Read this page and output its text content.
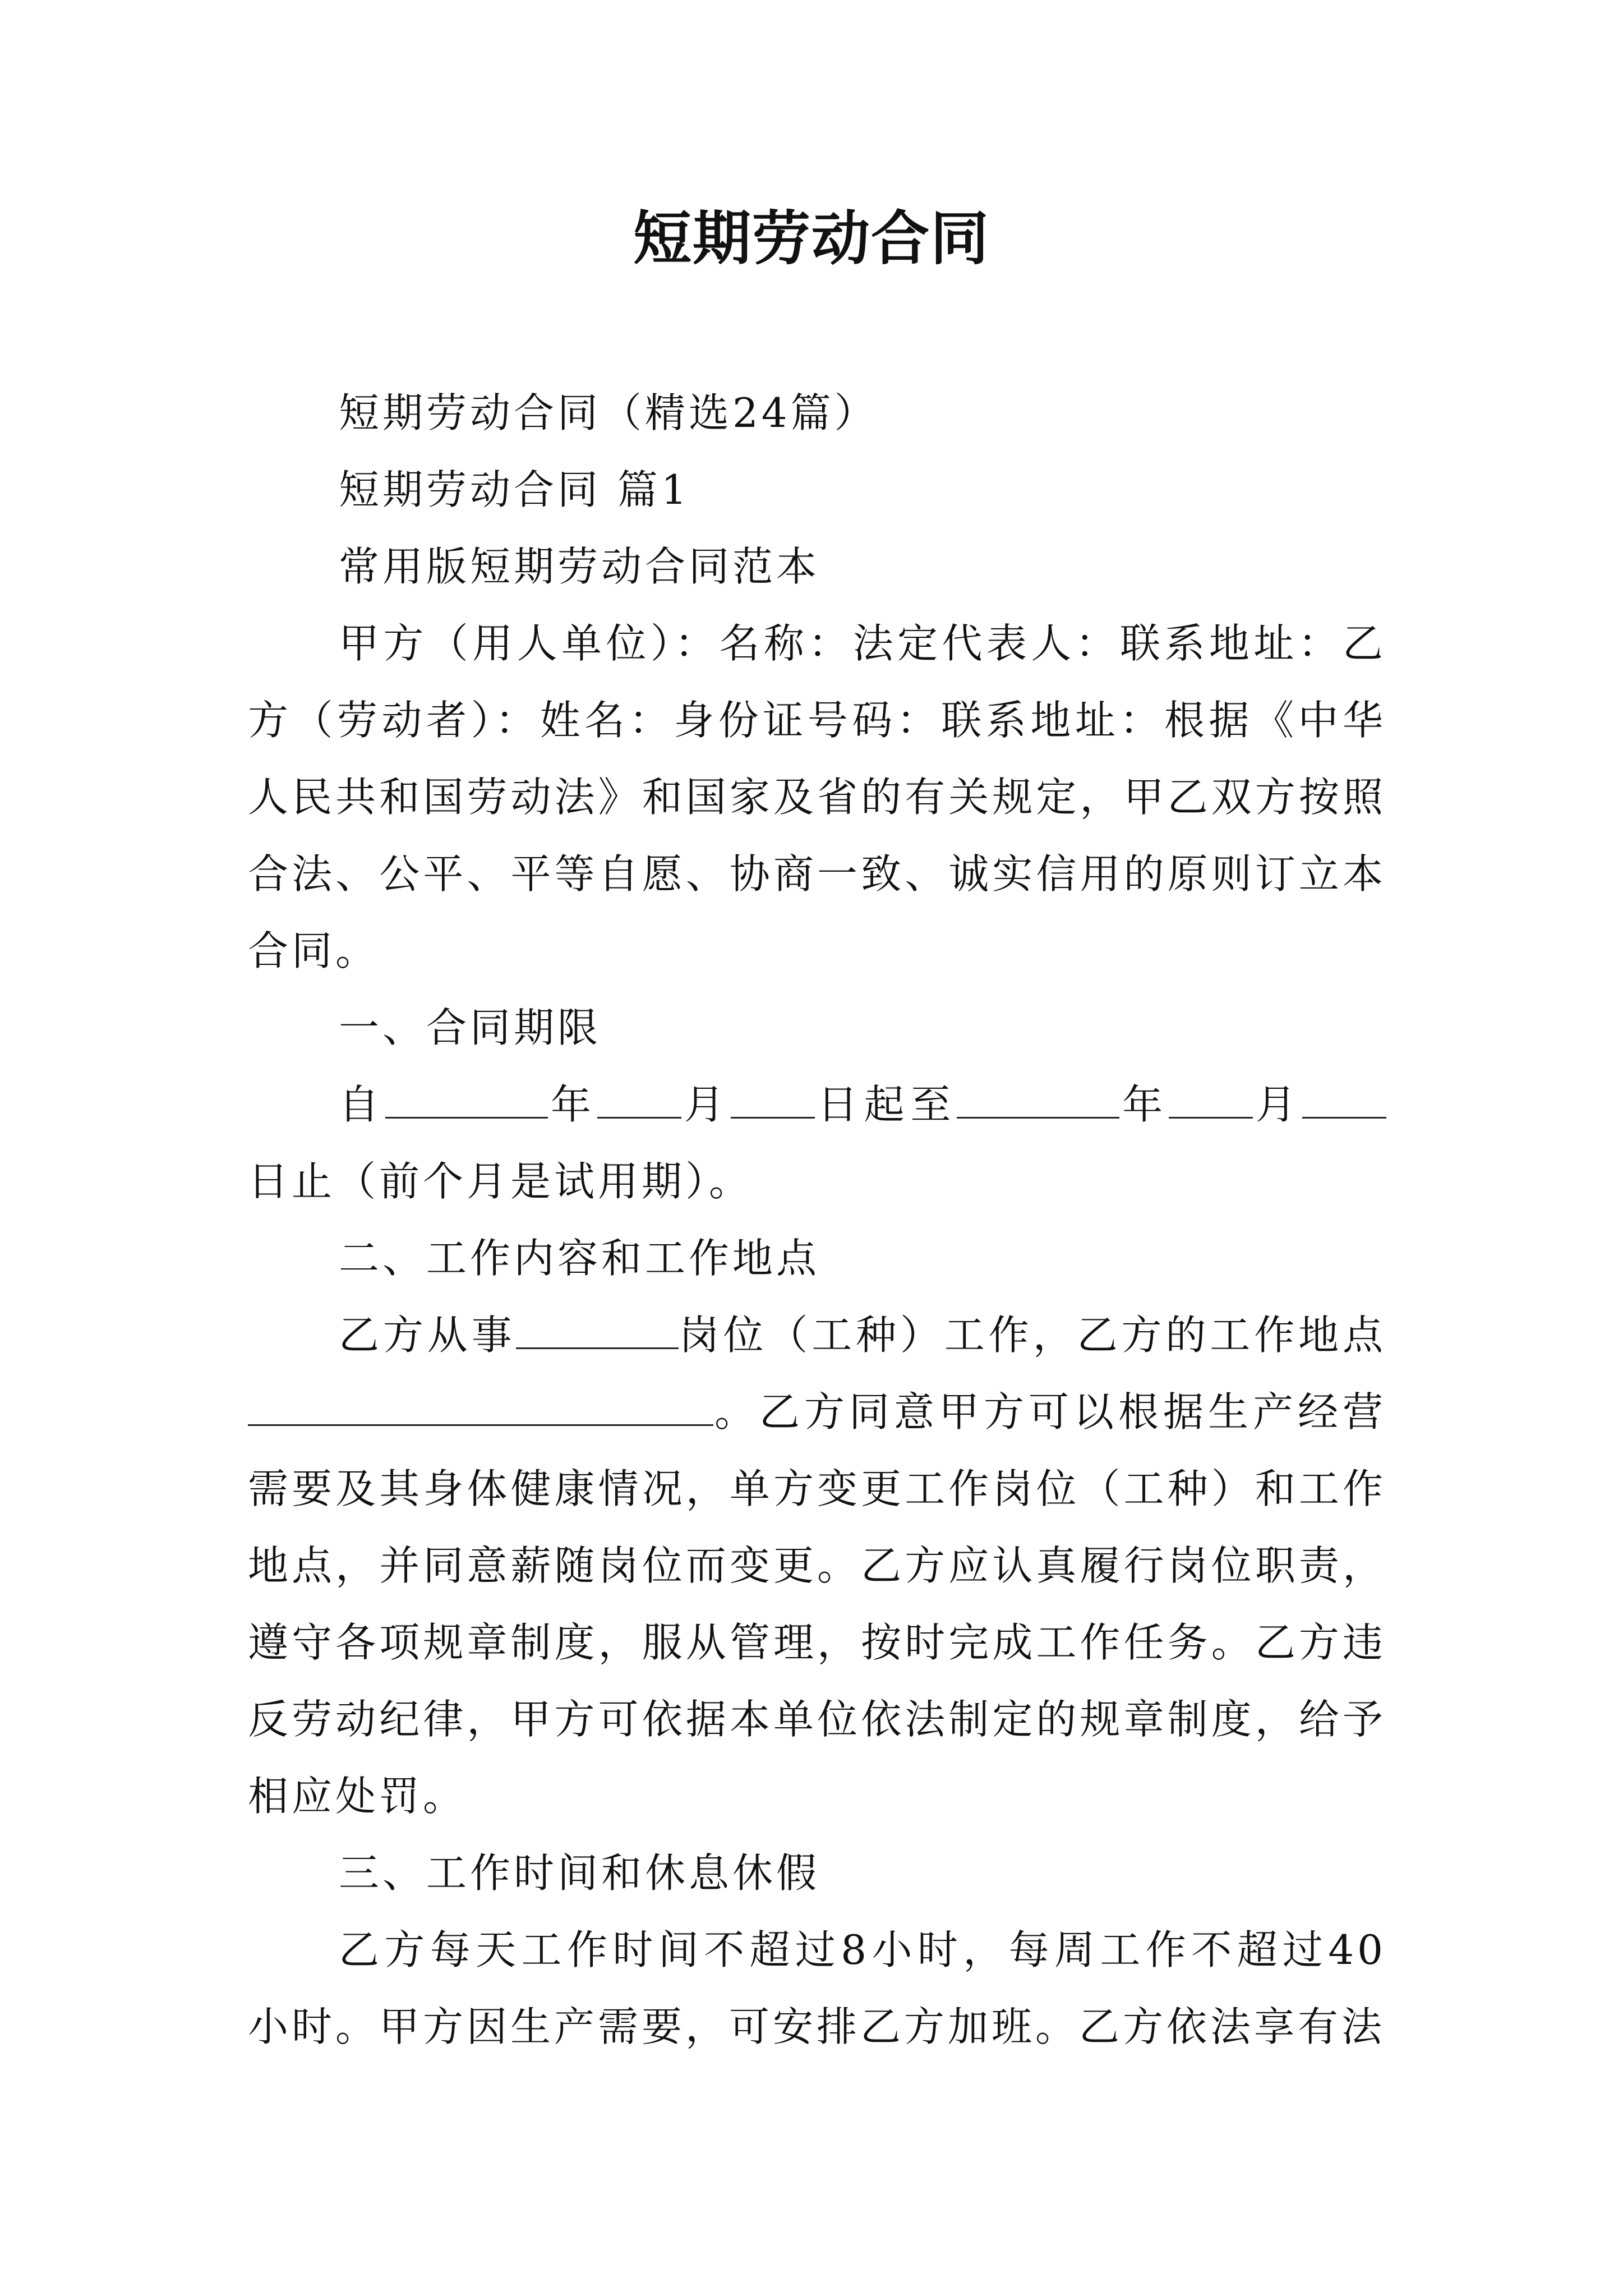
短期劳动合同

短期劳动合同（精选24篇）

短期劳动合同 篇1

常用版短期劳动合同范本

甲方（用人单位）：名称：法定代表人：联系地址：乙方（劳动者）：姓名：身份证号码：联系地址：根据《中华人民共和国劳动法》和国家及省的有关规定，甲乙双方按照合法、公平、平等自愿、协商一致、诚实信用的原则订立本合同。

一、合同期限

自	年 月 日起至	年 月日止（前个月是试用期）。

二、工作内容和工作地点

乙方从事	岗位（工种）工作，乙方的工作地点。乙方同意甲方可以根据生产经营需要及其身体健康情况，单方变更工作岗位（工种）和工作地点，并同意薪随岗位而变更。乙方应认真履行岗位职责，遵守各项规章制度，服从管理，按时完成工作任务。乙方违反劳动纪律，甲方可依据本单位依法制定的规章制度，给予相应处罚。

三、工作时间和休息休假

乙方每天工作时间不超过8小时，每周工作不超过40小时。甲方因生产需要，可安排乙方加班。乙方依法享有法
